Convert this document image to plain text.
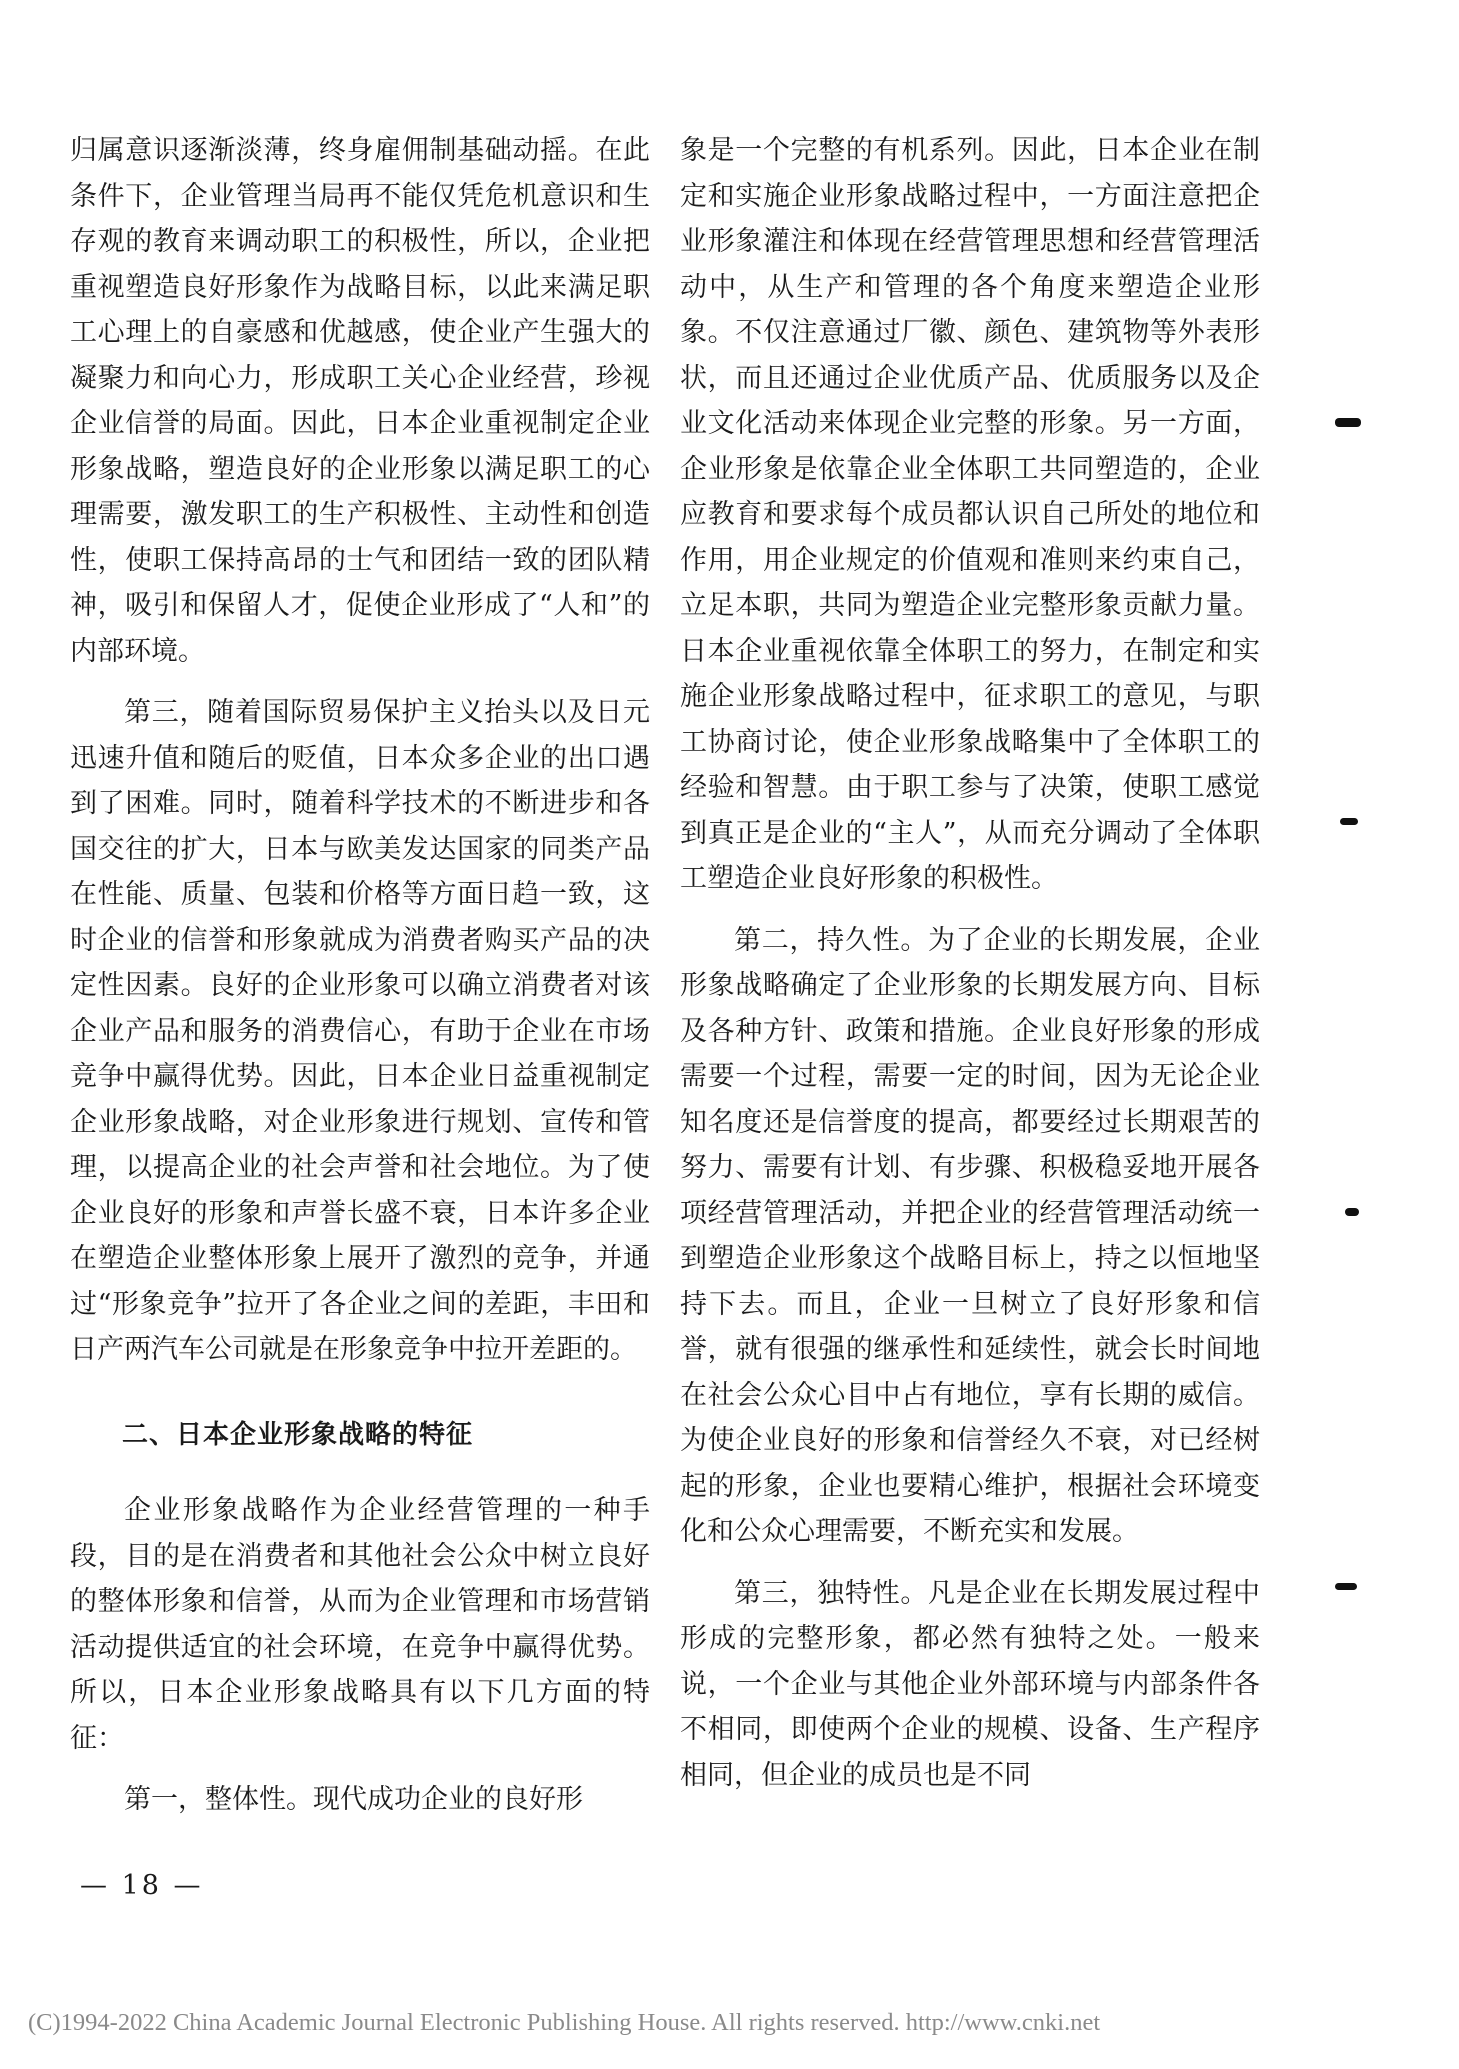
归属意识逐渐淡薄，终身雇佣制基础动摇。在此条件下，企业管理当局再不能仅凭危机意识和生存观的教育来调动职工的积极性，所以，企业把重视塑造良好形象作为战略目标，以此来满足职工心理上的自豪感和优越感，使企业产生强大的凝聚力和向心力，形成职工关心企业经营，珍视企业信誉的局面。因此，日本企业重视制定企业形象战略，塑造良好的企业形象以满足职工的心理需要，激发职工的生产积极性、主动性和创造性，使职工保持高昂的士气和团结一致的团队精神，吸引和保留人才，促使企业形成了“人和”的内部环境。

第三，随着国际贸易保护主义抬头以及日元迅速升值和随后的贬值，日本众多企业的出口遇到了困难。同时，随着科学技术的不断进步和各国交往的扩大，日本与欧美发达国家的同类产品在性能、质量、包装和价格等方面日趋一致，这时企业的信誉和形象就成为消费者购买产品的决定性因素。良好的企业形象可以确立消费者对该企业产品和服务的消费信心，有助于企业在市场竞争中赢得优势。因此，日本企业日益重视制定企业形象战略，对企业形象进行规划、宣传和管理，以提高企业的社会声誉和社会地位。为了使企业良好的形象和声誉长盛不衰，日本许多企业在塑造企业整体形象上展开了激烈的竞争，并通过“形象竞争”拉开了各企业之间的差距，丰田和日产两汽车公司就是在形象竞争中拉开差距的。

二、日本企业形象战略的特征

企业形象战略作为企业经营管理的一种手段，目的是在消费者和其他社会公众中树立良好的整体形象和信誉，从而为企业管理和市场营销活动提供适宜的社会环境，在竞争中赢得优势。所以，日本企业形象战略具有以下几方面的特征：

第一，整体性。现代成功企业的良好形

象是一个完整的有机系列。因此，日本企业在制定和实施企业形象战略过程中，一方面注意把企业形象灌注和体现在经营管理思想和经营管理活动中，从生产和管理的各个角度来塑造企业形象。不仅注意通过厂徽、颜色、建筑物等外表形状，而且还通过企业优质产品、优质服务以及企业文化活动来体现企业完整的形象。另一方面，企业形象是依靠企业全体职工共同塑造的，企业应教育和要求每个成员都认识自己所处的地位和作用，用企业规定的价值观和准则来约束自己，立足本职，共同为塑造企业完整形象贡献力量。日本企业重视依靠全体职工的努力，在制定和实施企业形象战略过程中，征求职工的意见，与职工协商讨论，使企业形象战略集中了全体职工的经验和智慧。由于职工参与了决策，使职工感觉到真正是企业的“主人”，从而充分调动了全体职工塑造企业良好形象的积极性。

第二，持久性。为了企业的长期发展，企业形象战略确定了企业形象的长期发展方向、目标及各种方针、政策和措施。企业良好形象的形成需要一个过程，需要一定的时间，因为无论企业知名度还是信誉度的提高，都要经过长期艰苦的努力、需要有计划、有步骤、积极稳妥地开展各项经营管理活动，并把企业的经营管理活动统一到塑造企业形象这个战略目标上，持之以恒地坚持下去。而且，企业一旦树立了良好形象和信誉，就有很强的继承性和延续性，就会长时间地在社会公众心目中占有地位，享有长期的威信。为使企业良好的形象和信誉经久不衰，对已经树起的形象，企业也要精心维护，根据社会环境变化和公众心理需要，不断充实和发展。

第三，独特性。凡是企业在长期发展过程中形成的完整形象，都必然有独特之处。一般来说，一个企业与其他企业外部环境与内部条件各不相同，即使两个企业的规模、设备、生产程序相同，但企业的成员也是不同

— 18 —
(C)1994-2022 China Academic Journal Electronic Publishing House. All rights reserved. http://www.cnki.net
